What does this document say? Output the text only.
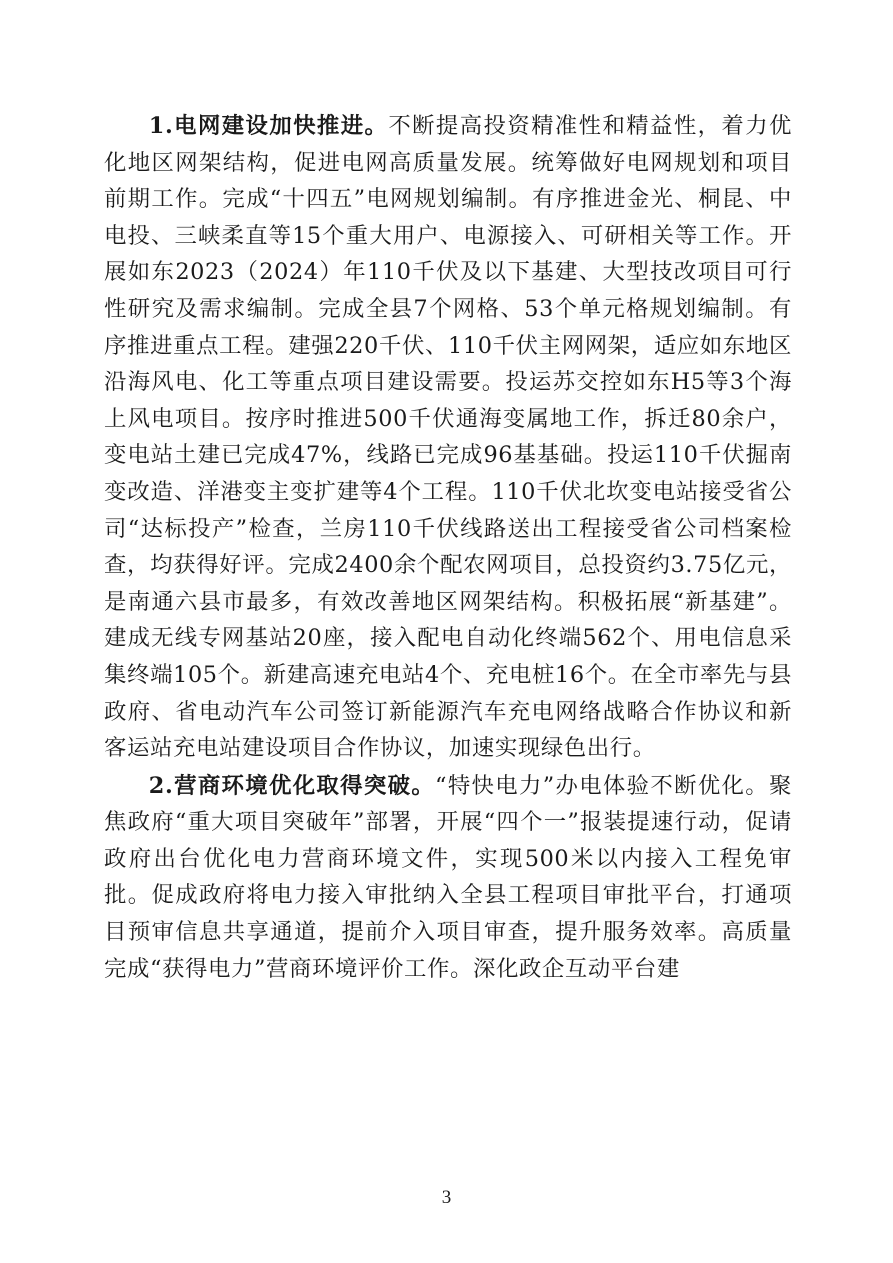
1.电网建设加快推进。不断提高投资精准性和精益性，着力优化地区网架结构，促进电网高质量发展。统筹做好电网规划和项目前期工作。完成“十四五”电网规划编制。有序推进金光、桐昆、中电投、三峡柔直等15个重大用户、电源接入、可研相关等工作。开展如东2023（2024）年110千伏及以下基建、大型技改项目可行性研究及需求编制。完成全县7个网格、53个单元格规划编制。有序推进重点工程。建强220千伏、110千伏主网网架，适应如东地区沿海风电、化工等重点项目建设需要。投运苏交控如东H5等3个海上风电项目。按序时推进500千伏通海变属地工作，拆迁80余户，变电站土建已完成47%，线路已完成96基基础。投运110千伏掘南变改造、洋港变主变扩建等4个工程。110千伏北坎变电站接受省公司“达标投产”检查，兰房110千伏线路送出工程接受省公司档案检查，均获得好评。完成2400余个配农网项目，总投资约3.75亿元，是南通六县市最多，有效改善地区网架结构。积极拓展“新基建”。建成无线专网基站20座，接入配电自动化终端562个、用电信息采集终端105个。新建高速充电站4个、充电桩16个。在全市率先与县政府、省电动汽车公司签订新能源汽车充电网络战略合作协议和新客运站充电站建设项目合作协议，加速实现绿色出行。

2.营商环境优化取得突破。“特快电力”办电体验不断优化。聚焦政府“重大项目突破年”部署，开展“四个一”报装提速行动，促请政府出台优化电力营商环境文件，实现500米以内接入工程免审批。促成政府将电力接入审批纳入全县工程项目审批平台，打通项目预审信息共享通道，提前介入项目审查，提升服务效率。高质量完成“获得电力”营商环境评价工作。深化政企互动平台建

3
